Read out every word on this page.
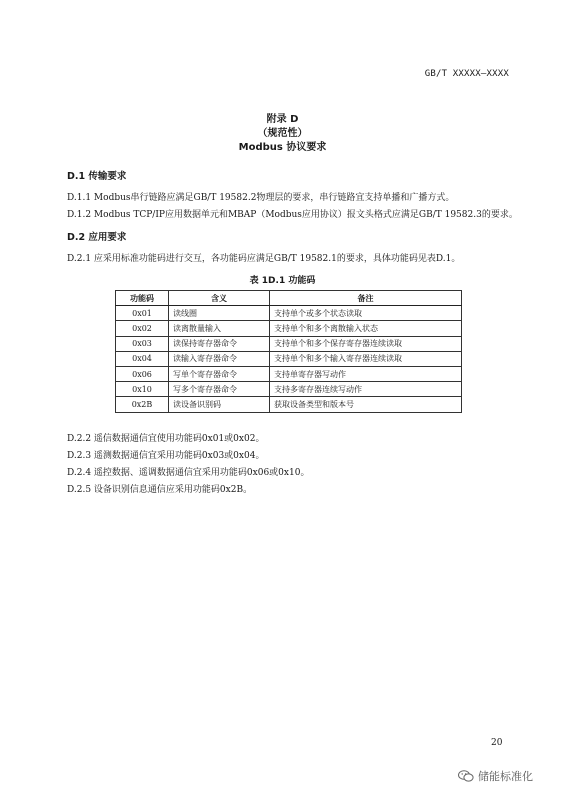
GB/T XXXXX—XXXX
附录 D
（规范性）
Modbus 协议要求
D.1 传输要求
D.1.1 Modbus串行链路应满足GB/T 19582.2物理层的要求，串行链路宜支持单播和广播方式。
D.1.2 Modbus TCP/IP应用数据单元和MBAP（Modbus应用协议）报文头格式应满足GB/T 19582.3的要求。
D.2 应用要求
D.2.1 应采用标准功能码进行交互，各功能码应满足GB/T 19582.1的要求，具体功能码见表D.1。
表 1D.1 功能码
功能码	含义	备注
0x01	读线圈	支持单个或多个状态读取
0x02	读离散量输入	支持单个和多个离散输入状态
0x03	读保持寄存器命令	支持单个和多个保存寄存器连续读取
0x04	读输入寄存器命令	支持单个和多个输入寄存器连续读取
0x06	写单个寄存器命令	支持单寄存器写动作
0x10	写多个寄存器命令	支持多寄存器连续写动作
0x2B	读设备识别码	获取设备类型和版本号
D.2.2 遥信数据通信宜使用功能码0x01或0x02。
D.2.3 遥测数据通信宜采用功能码0x03或0x04。
D.2.4 遥控数据、遥调数据通信宜采用功能码0x06或0x10。
D.2.5 设备识别信息通信应采用功能码0x2B。
20
储能标准化
